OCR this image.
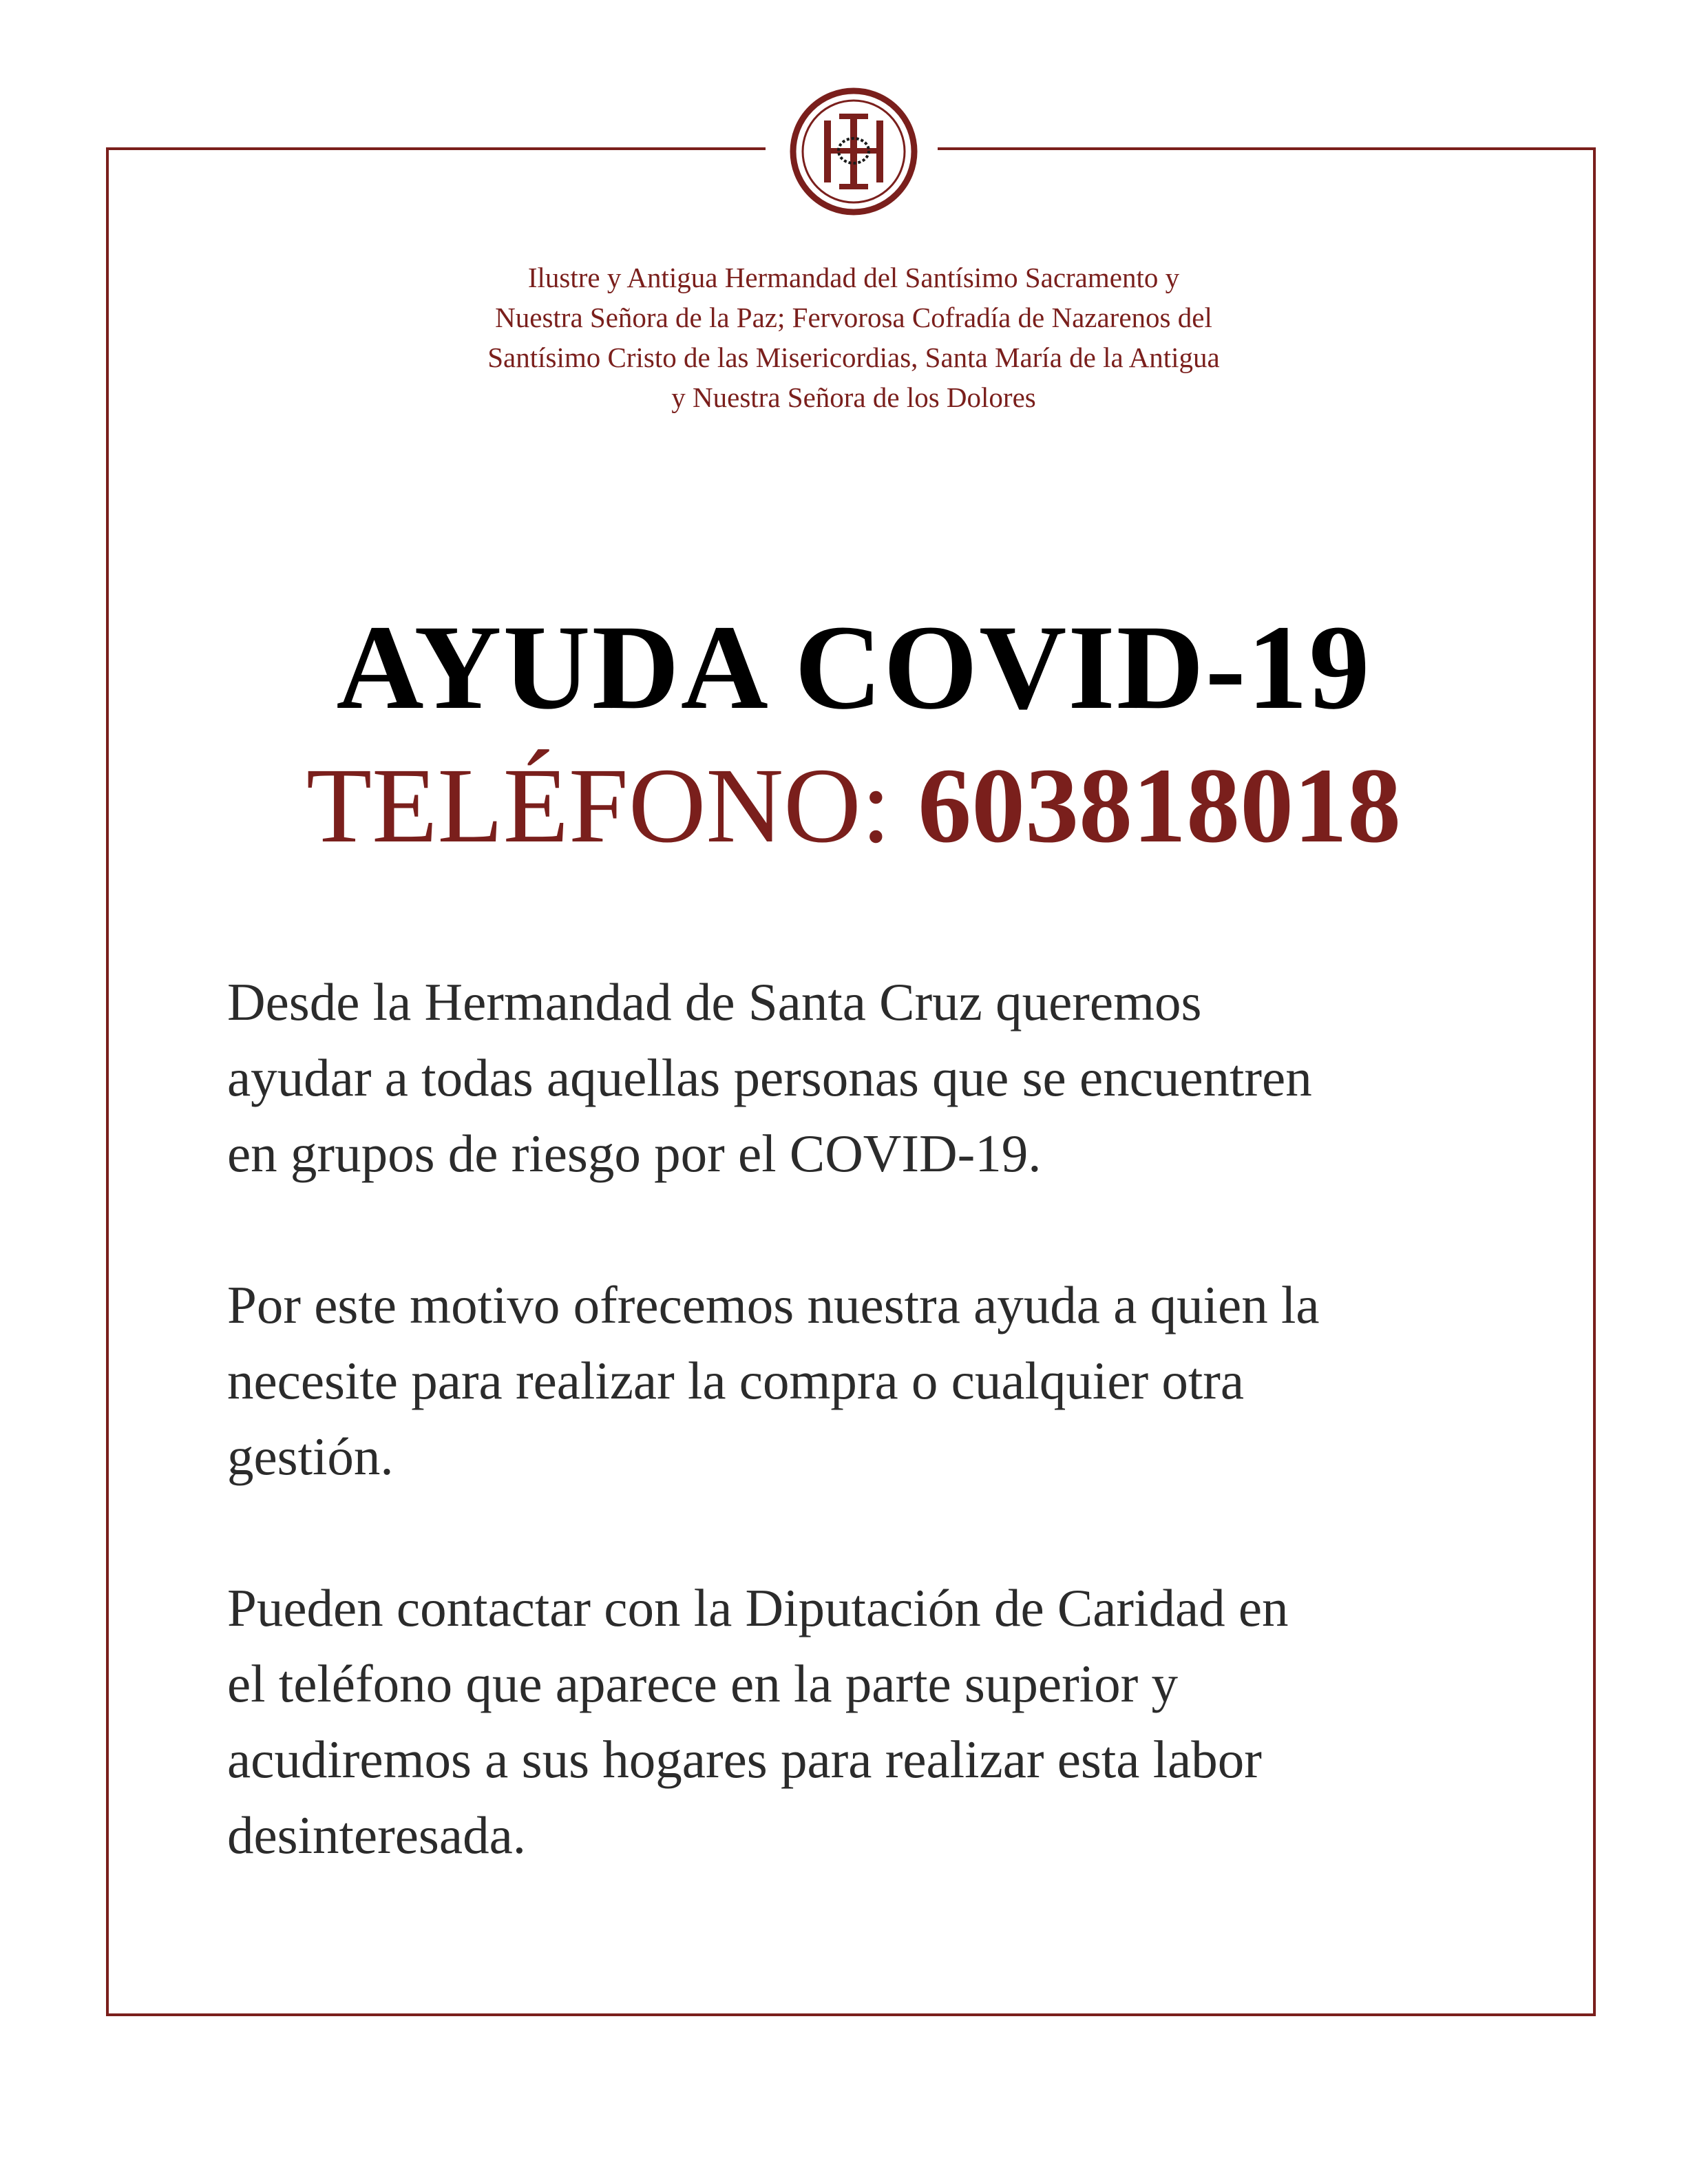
Ilustre y Antigua Hermandad del Santísimo Sacramento y
Nuestra Señora de la Paz; Fervorosa Cofradía de Nazarenos del
Santísimo Cristo de las Misericordias, Santa María de la Antigua
y Nuestra Señora de los Dolores
AYUDA COVID-19
TELÉFONO: 603818018

Desde la Hermandad de Santa Cruz queremos
ayudar a todas aquellas personas que se encuentren
en grupos de riesgo por el COVID-19.

Por este motivo ofrecemos nuestra ayuda a quien la
necesite para realizar la compra o cualquier otra
gestión.

Pueden contactar con la Diputación de Caridad en
el teléfono que aparece en la parte superior y
acudiremos a sus hogares para realizar esta labor
desinteresada.
